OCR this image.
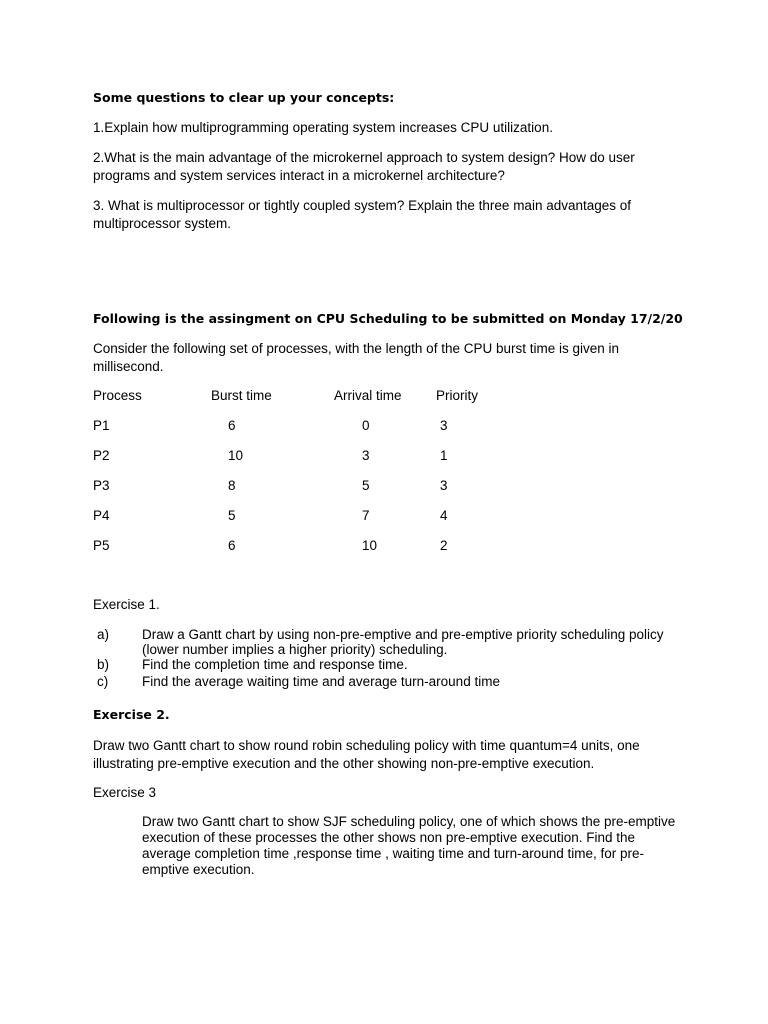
Some questions to clear up your concepts:
1.Explain how multiprogramming operating system increases CPU utilization.
2.What is the main advantage of the microkernel approach to system design? How do user programs and system services interact in a microkernel architecture?
3. What is multiprocessor or tightly coupled system? Explain the three main advantages of multiprocessor system.
Following is the assingment on CPU Scheduling to be submitted on Monday 17/2/20
Consider the following set of processes, with the length of the CPU burst time is given in millisecond.
Process	Burst time	Arrival time	Priority
P1	6	0	3
P2	10	3	1
P3	8	5	3
P4	5	7	4
P5	6	10	2
Exercise 1.
a) Draw a Gantt chart by using non-pre-emptive and pre-emptive priority scheduling policy (lower number implies a higher priority) scheduling.
b) Find the completion time and response time.
c)	Find the average waiting time and average turn-around time
Exercise 2.
Draw two Gantt chart to show round robin scheduling policy with time quantum=4 units, one illustrating pre-emptive execution and the other showing non-pre-emptive execution.
Exercise 3
Draw two Gantt chart to show SJF scheduling policy, one of which shows the pre-emptive execution of these processes the other shows non pre-emptive execution. Find the average completion time ,response time , waiting time and turn-around time, for pre-emptive execution.
